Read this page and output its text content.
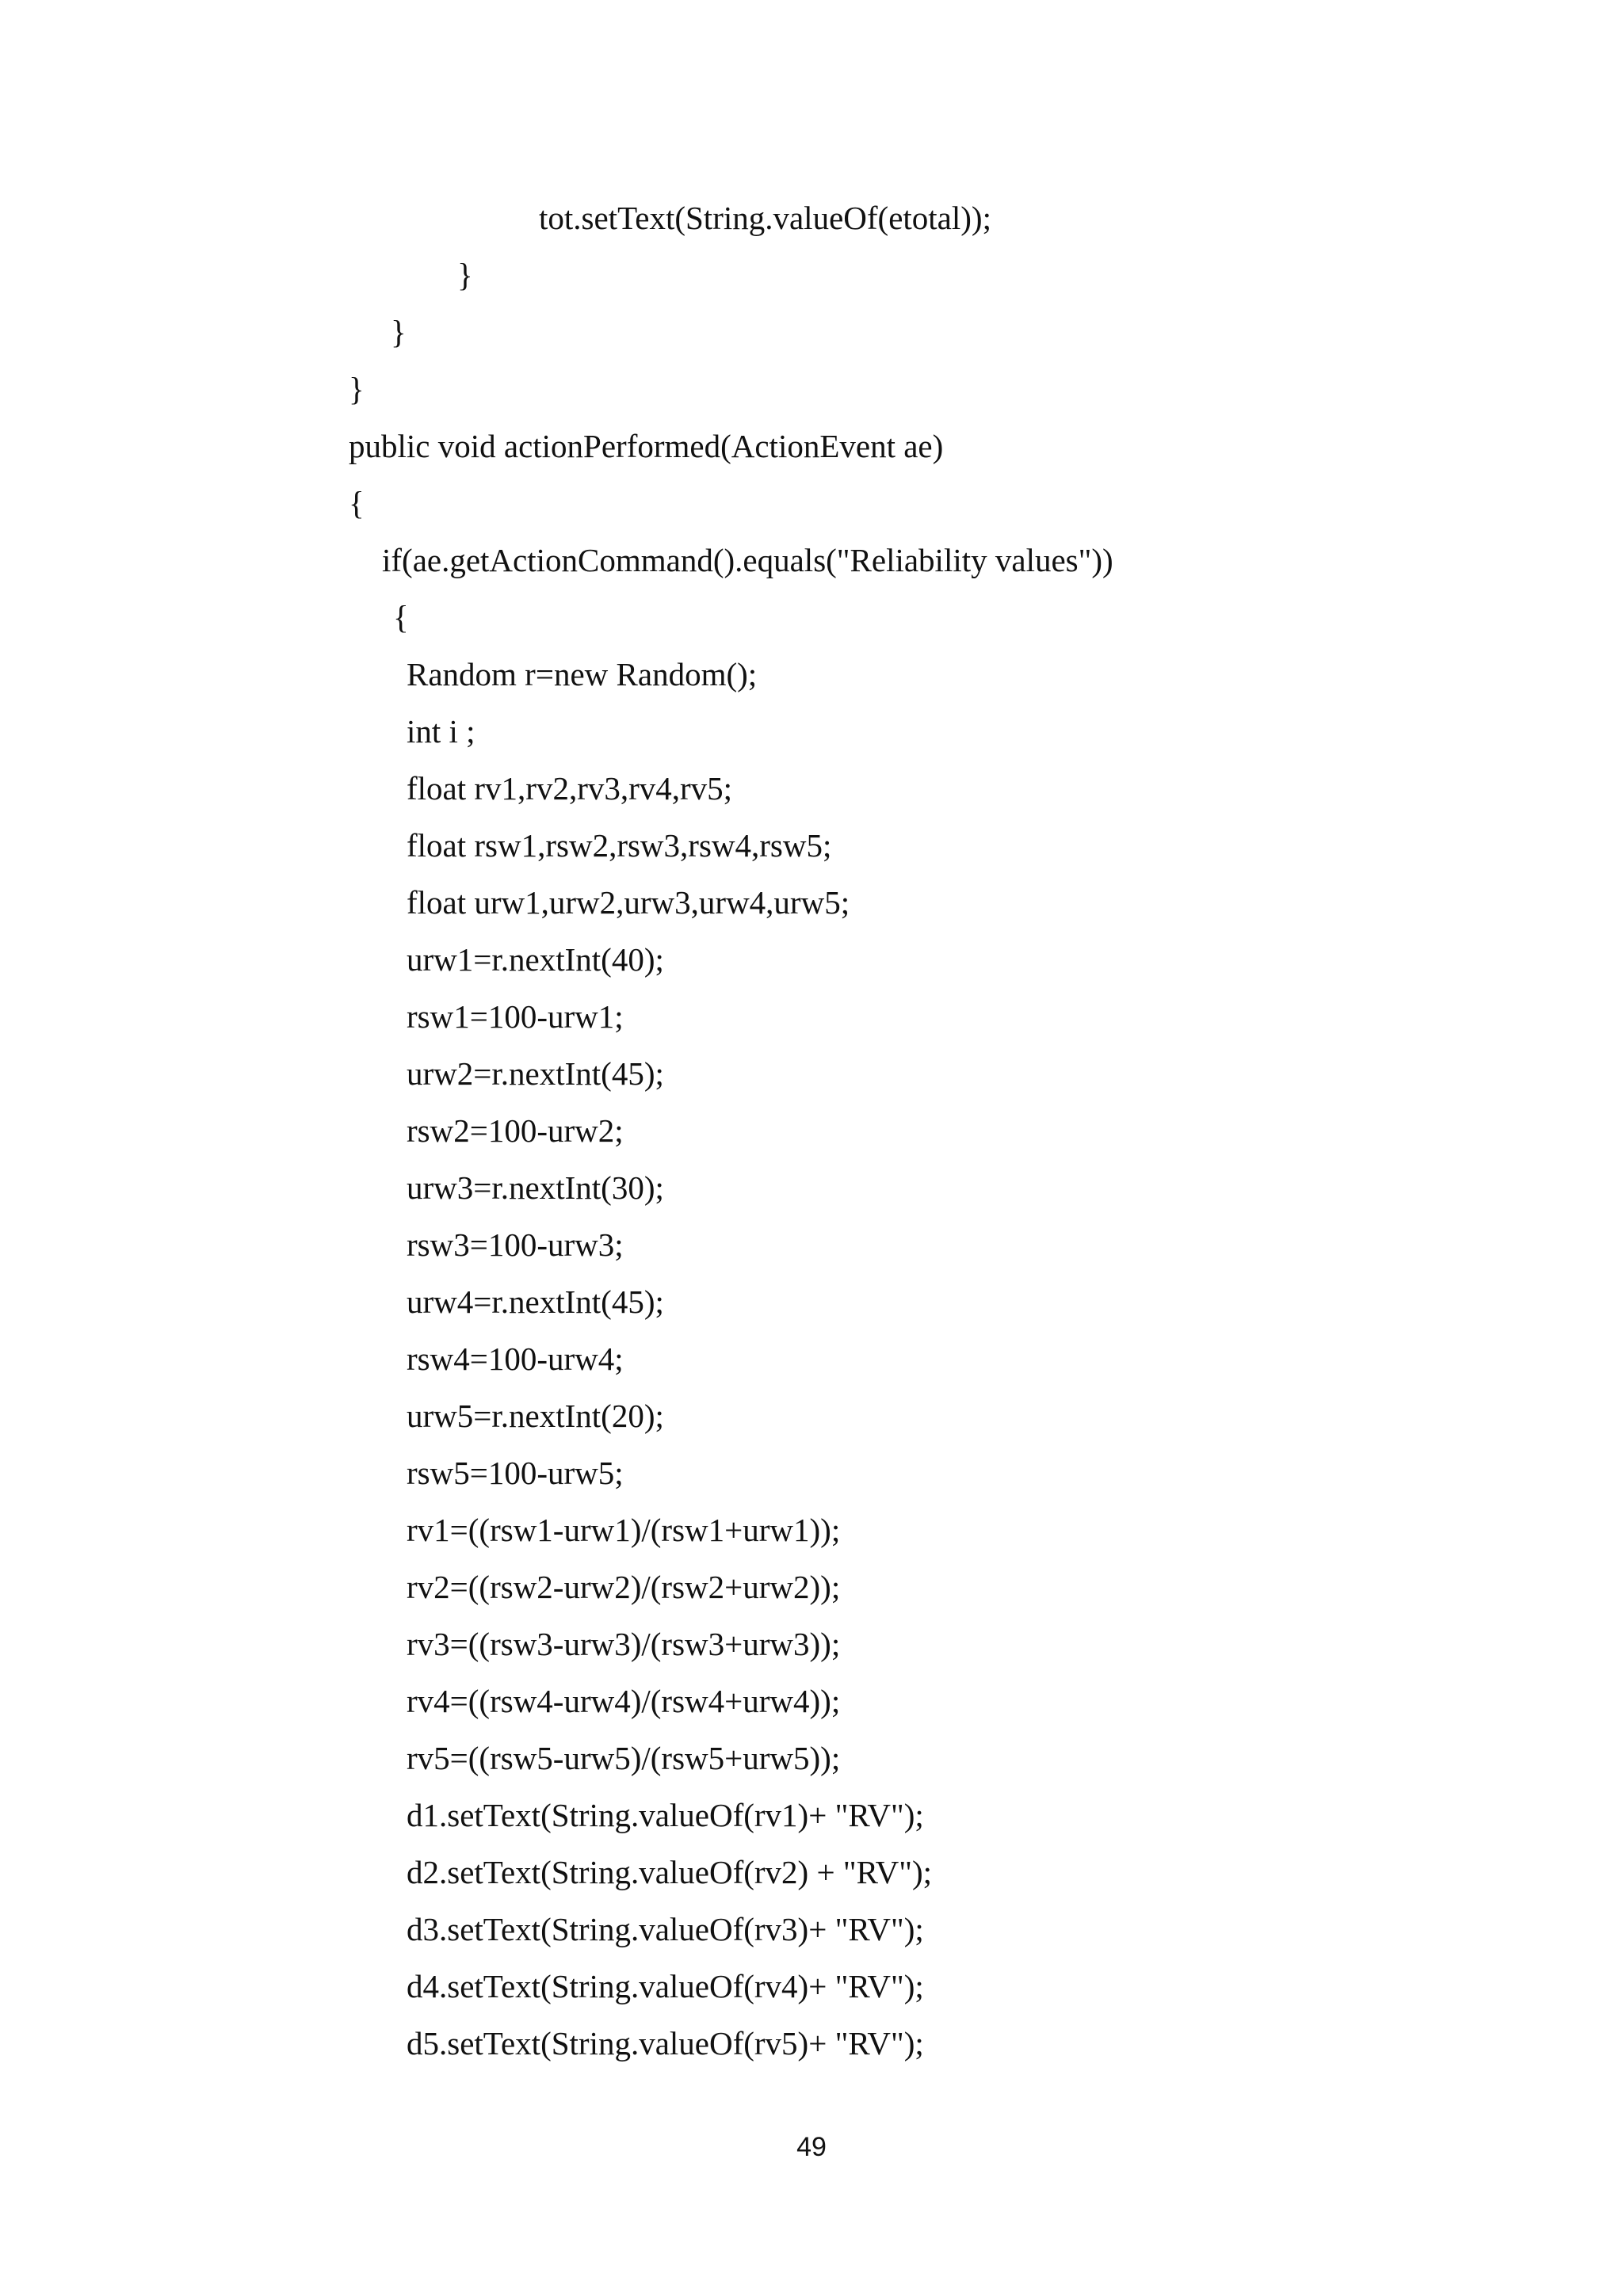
tot.setText(String.valueOf(etotal));

}

}

}

public void actionPerformed(ActionEvent ae)

{

if(ae.getActionCommand().equals("Reliability values"))

{

Random r=new Random();

int i ;

float rv1,rv2,rv3,rv4,rv5;

float rsw1,rsw2,rsw3,rsw4,rsw5;

float urw1,urw2,urw3,urw4,urw5;

urw1=r.nextInt(40);

rsw1=100-urw1;

urw2=r.nextInt(45);

rsw2=100-urw2;

urw3=r.nextInt(30);

rsw3=100-urw3;

urw4=r.nextInt(45);

rsw4=100-urw4;

urw5=r.nextInt(20);

rsw5=100-urw5;

rv1=((rsw1-urw1)/(rsw1+urw1));

rv2=((rsw2-urw2)/(rsw2+urw2));

rv3=((rsw3-urw3)/(rsw3+urw3));

rv4=((rsw4-urw4)/(rsw4+urw4));

rv5=((rsw5-urw5)/(rsw5+urw5));

d1.setText(String.valueOf(rv1)+ "RV");

d2.setText(String.valueOf(rv2) + "RV");

d3.setText(String.valueOf(rv3)+ "RV");

d4.setText(String.valueOf(rv4)+ "RV");

d5.setText(String.valueOf(rv5)+ "RV");

49
